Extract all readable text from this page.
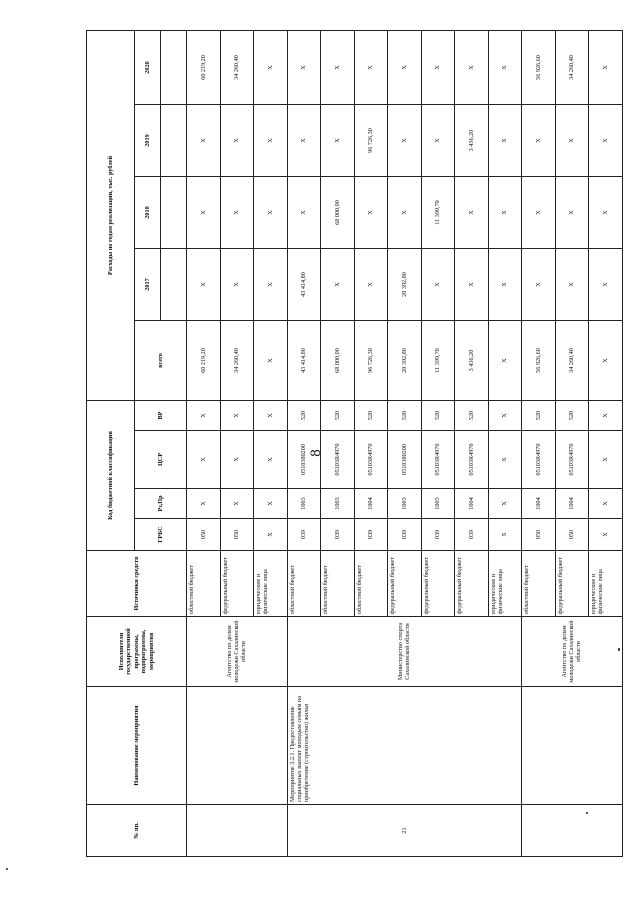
8
№ пп.	Наименование мероприятия	Исполнители государственной программы, подпрограммы, мероприятия	Источники средств	Код бюджетной классификации				Расходы по годам реализации, тыс. рублей				
				ГРБС	Рз,Пр	ЦСР	ВР	всего	2017	2018	2019	2020

		Агентство по делам молодежи Сахалинской области	областной бюджет	050	Х	Х	Х	60 219,20	Х	Х	Х	60 219,20
			федеральный бюджет	050	Х	Х	Х	34 260,40	Х	Х	Х	34 260,40
			юридические и физические лица	Х	Х	Х	Х	Х	Х	Х	Х	Х
21	Мероприятие 3.2.1. Предоставление социальных выплат молодым семьям на приобретение (строительство) жилья	Министерство спорта Сахалинской области	областной бюджет	039	1003	0510380200	520	43 414,80	43 414,80	Х	Х	Х
			областной бюджет	039	1003	05103R4970	520	68 000,00	Х	68 000,00	Х	Х
			областной бюджет	039	1004	05103R4970	520	96 726,30	Х	Х	96 726,30	Х
			федеральный бюджет	039	1003	0510380200	520	20 392,80	20 392,80	Х	Х	Х
			федеральный бюджет	039	1003	05103R4970	520	11 399,70	Х	11 399,70	Х	Х
			федеральный бюджет	039	1004	05103R4970	520	3 436,20	Х	Х	3 436,20	Х
			юридические и физические лица	Х	Х	Х	Х	Х	Х	Х	Х	Х
		Агентство по делам молодежи Сахалинской области	областной бюджет	050	1004	05103R4970	520	56 926,60	Х	Х	Х	56 926,60
			федеральный бюджет	050	1004	05103R4970	520	34 260,40	Х	Х	Х	34 260,40
			юридические и физические лица	Х	Х	Х	Х	Х	Х	Х	Х	Х
